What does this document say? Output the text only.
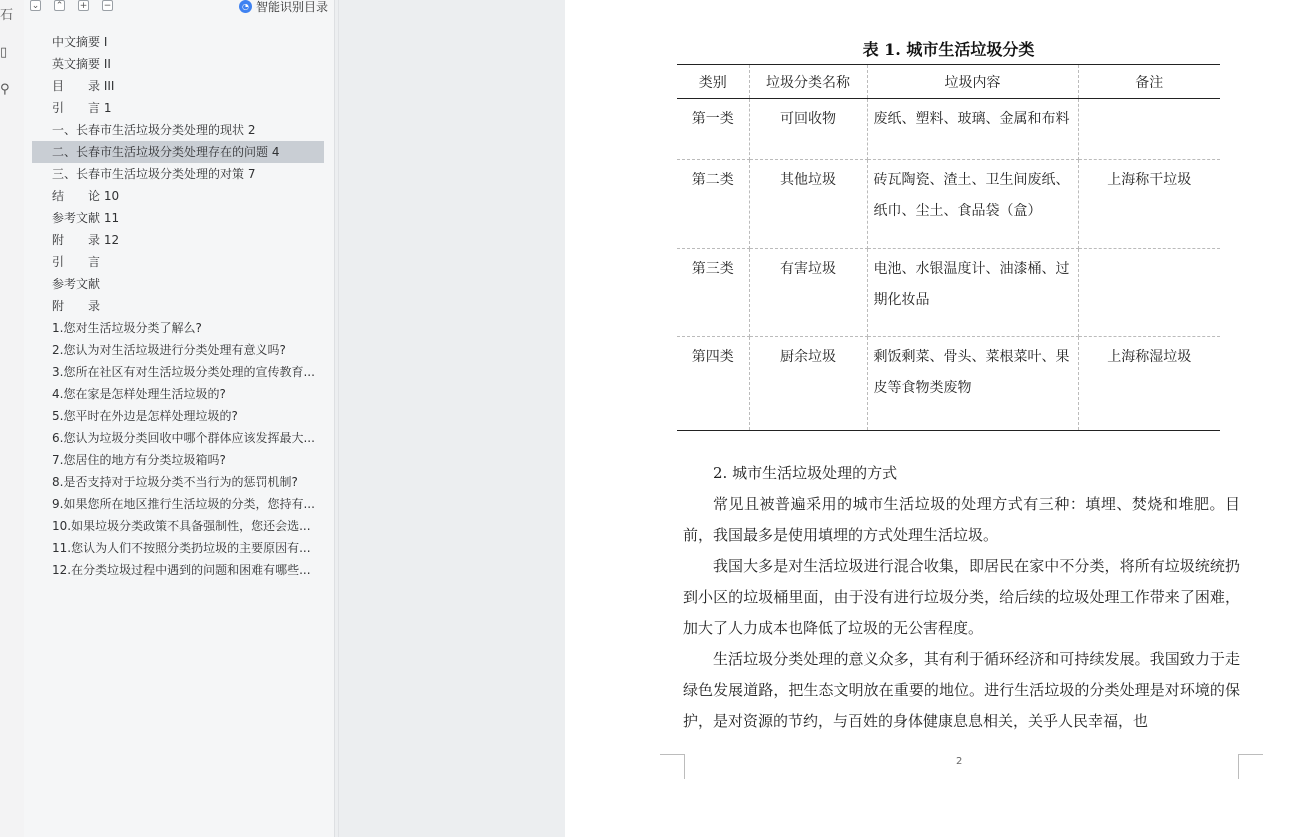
石
▯
⚲
⌄ ⌃ + −	◔ 智能识别目录
中文摘要 I
英文摘要 II
目　　录 III
引　　言 1
一、长春市生活垃圾分类处理的现状 2
二、长春市生活垃圾分类处理存在的问题 4
三、长春市生活垃圾分类处理的对策 7
结　　论 10
参考文献 11
附　　录 12
引　　言
参考文献
附　　录
1.您对生活垃圾分类了解么?
2.您认为对生活垃圾进行分类处理有意义吗?
3.您所在社区有对生活垃圾分类处理的宣传教育...
4.您在家是怎样处理生活垃圾的?
5.您平时在外边是怎样处理垃圾的?
6.您认为垃圾分类回收中哪个群体应该发挥最大...
7.您居住的地方有分类垃圾箱吗?
8.是否支持对于垃圾分类不当行为的惩罚机制?
9.如果您所在地区推行生活垃圾的分类，您持有...
10.如果垃圾分类政策不具备强制性，您还会选...
11.您认为人们不按照分类扔垃圾的主要原因有...
12.在分类垃圾过程中遇到的问题和困难有哪些...
表 1. 城市生活垃圾分类
类别	垃圾分类名称	垃圾内容	备注
第一类	可回收物	废纸、塑料、玻璃、金属和布料	
第二类	其他垃圾	砖瓦陶瓷、渣土、卫生间废纸、纸巾、尘土、食品袋（盒）	上海称干垃圾
第三类	有害垃圾	电池、水银温度计、油漆桶、过期化妆品	
第四类	厨余垃圾	剩饭剩菜、骨头、菜根菜叶、果皮等食物类废物	上海称湿垃圾

2. 城市生活垃圾处理的方式

常见且被普遍采用的城市生活垃圾的处理方式有三种：填埋、焚烧和堆肥。目前，我国最多是使用填埋的方式处理生活垃圾。

我国大多是对生活垃圾进行混合收集，即居民在家中不分类，将所有垃圾统统扔到小区的垃圾桶里面，由于没有进行垃圾分类，给后续的垃圾处理工作带来了困难，加大了人力成本也降低了垃圾的无公害程度。

生活垃圾分类处理的意义众多，其有利于循环经济和可持续发展。我国致力于走绿色发展道路，把生态文明放在重要的地位。进行生活垃圾的分类处理是对环境的保护，是对资源的节约，与百姓的身体健康息息相关，关乎人民幸福，也

2
